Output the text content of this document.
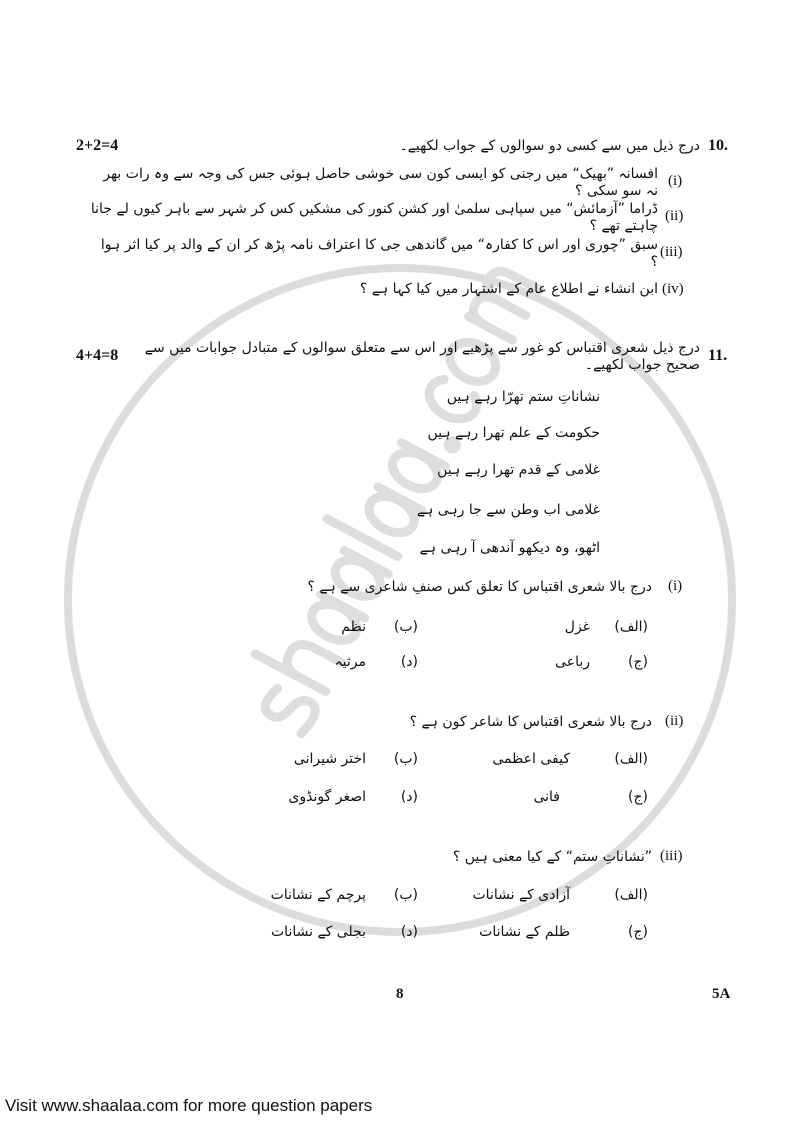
10.
درج ذیل میں سے کسی دو سوالوں کے جواب لکھیے۔
2+2=4
(i)
افسانہ ”بھیک“ میں رجنی کو ایسی کون سی خوشی حاصل ہوئی جس کی وجہ سے وہ رات بھر نہ سو سکی ؟
(ii)
ڈراما ”آزمائش“ میں سپاہی سلمیٰ اور کشن کنور کی مشکیں کس کر شہر سے باہر کیوں لے جانا چاہتے تھے ؟
(iii)
سبق ”چوری اور اس کا کفارہ“ میں گاندھی جی کا اعتراف نامہ پڑھ کر ان کے والد پر کیا اثر ہوا ؟
(iv)
ابن انشاء نے اطلاع عام کے اشتہار میں کیا کہا ہے ؟
11.
درج ذیل شعری اقتباس کو غور سے پڑھیے اور اس سے متعلق سوالوں کے متبادل جوابات میں سے صحیح جواب لکھیے۔
4+4=8
نشاناتِ ستم تھرّا رہے ہیں
حکومت کے علم تھرا رہے ہیں
غلامی کے قدم تھرا رہے ہیں
غلامی اب وطن سے جا رہی ہے
اٹھو، وہ دیکھو آندھی آ رہی ہے
(i)
درج بالا شعری اقتباس کا تعلق کس صنفِ شاعری سے ہے ؟
(الف)
غزل
(ب)
نظم
(ج)
رباعی
(د)
مرثیہ
(ii)
درج بالا شعری اقتباس کا شاعر کون ہے ؟
(الف)
کیفی اعظمی
(ب)
اختر شیرانی
(ج)
فانی
(د)
اصغر گونڈوی
(iii)
”نشاناتِ ستم“ کے کیا معنی ہیں ؟
(الف)
آزادی کے نشانات
(ب)
پرچم کے نشانات
(ج)
ظلم کے نشانات
(د)
بجلی کے نشانات
8	5A
Visit www.shaalaa.com for more question papers
